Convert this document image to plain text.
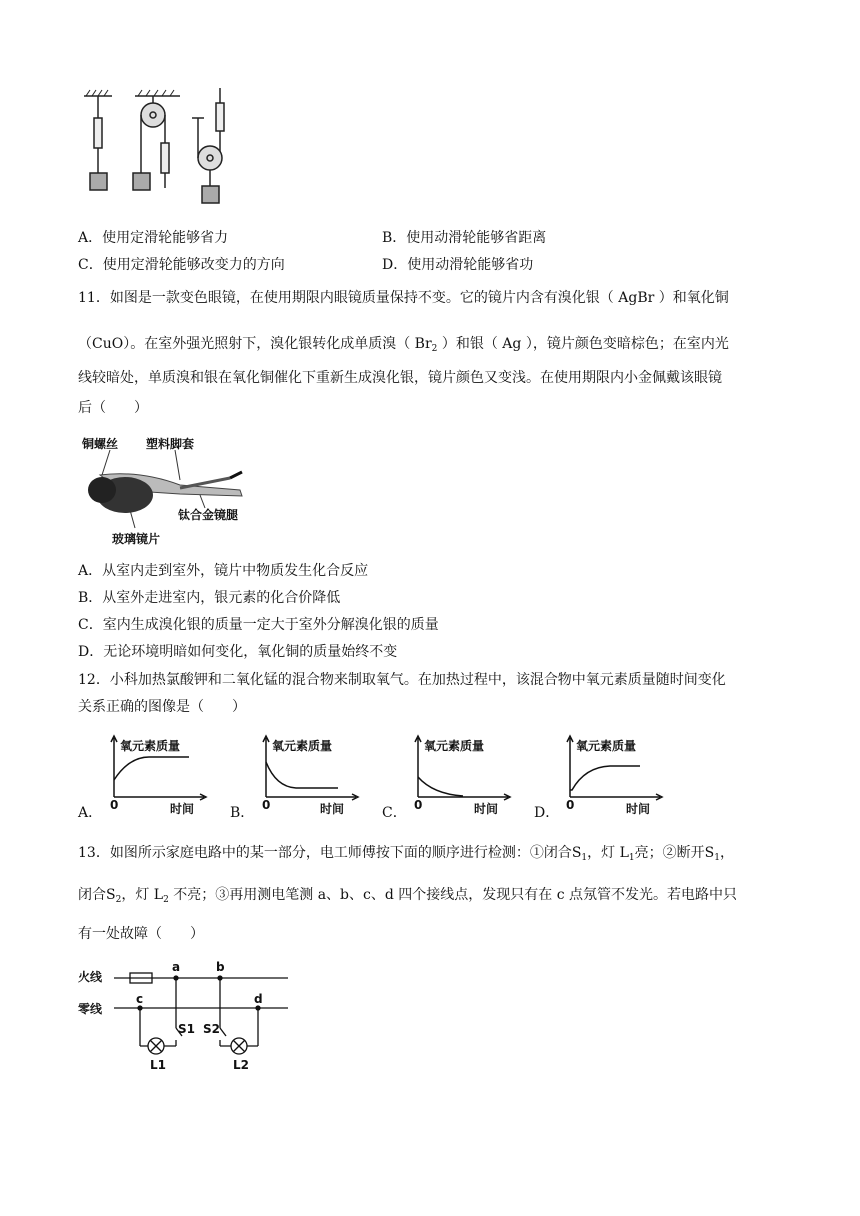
A．使用定滑轮能够省力	B．使用动滑轮能够省距离
C．使用定滑轮能够改变力的方向	D．使用动滑轮能够省功
11．如图是一款变色眼镜，在使用期限内眼镜质量保持不变。它的镜片内含有溴化银（ AgBr ）和氧化铜
（CuO）。在室外强光照射下，溴化银转化成单质溴（ $Br_2$ ）和银（ Ag ），镜片颜色变暗棕色；在室内光
线较暗处，单质溴和银在氧化铜催化下重新生成溴化银，镜片颜色又变浅。在使用期限内小金佩戴该眼镜
后（　　）
铜螺丝 塑料脚套
钛合金镜腿
玻璃镜片
A．从室内走到室外，镜片中物质发生化合反应
B．从室外走进室内，银元素的化合价降低
C．室内生成溴化银的质量一定大于室外分解溴化银的质量
D．无论环境明暗如何变化，氧化铜的质量始终不变
12．小科加热氯酸钾和二氧化锰的混合物来制取氧气。在加热过程中，该混合物中氧元素质量随时间变化
关系正确的图像是（　　）
A．
氧元素质量
0	时间	B．
氧元素质量
0	时间	C．
氧元素质量
0	时间	D．
氧元素质量
0	时间
13．如图所示家庭电路中的某一部分，电工师傅按下面的顺序进行检测：①闭合$S_1$，灯 $L_1$亮；②断开$S_1$，
闭合$S_2$，灯 $L_2$ 不亮；③再用测电笔测 a、b、c、d 四个接线点，发现只有在 c 点氖管不发光。若电路中只
有一处故障（　　）
火线
零线
a	b
c	d
S1 S2
L1	L2
